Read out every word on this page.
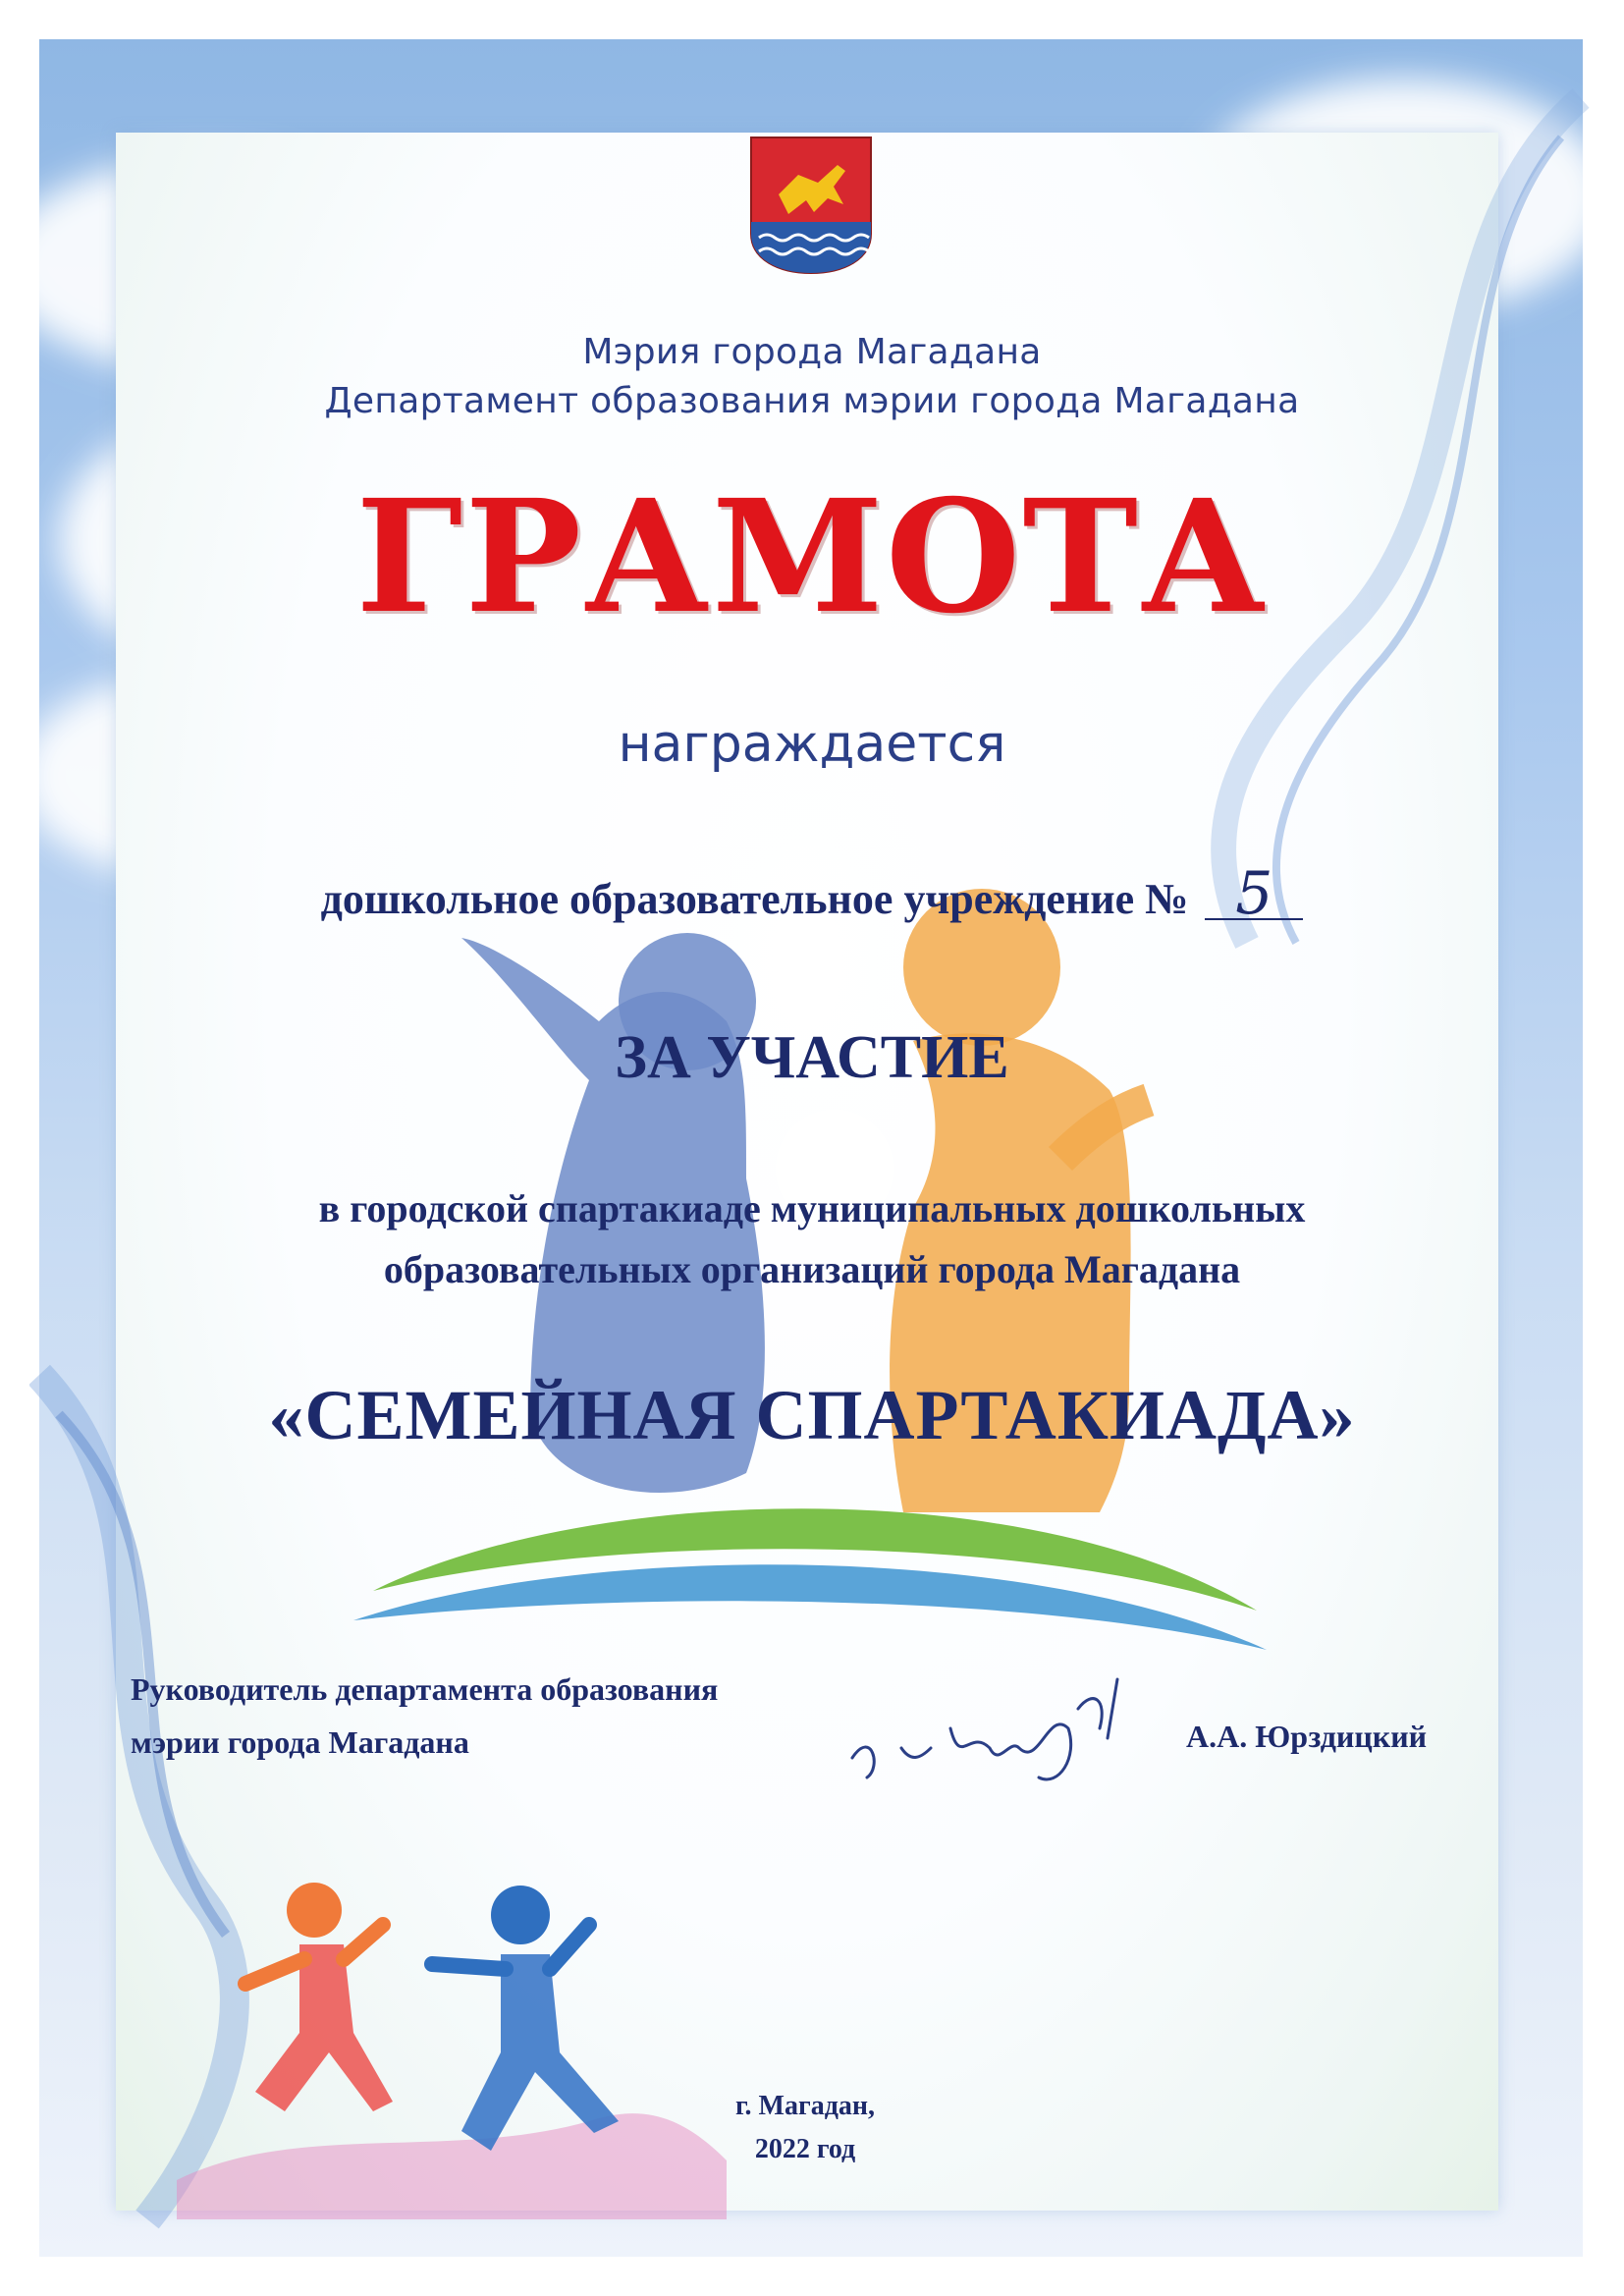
Мэрия города Магадана
Департамент образования мэрии города Магадана
ГРАМОТА
награждается
дошкольное образовательное учреждение № 5
ЗА УЧАСТИЕ
в городской спартакиаде муниципальных дошкольных
образовательных организаций города Магадана
«СЕМЕЙНАЯ СПАРТАКИАДА»
Руководитель департамента образования
мэрии города Магадана	А.А. Юрздицкий
г. Магадан,
2022 год
